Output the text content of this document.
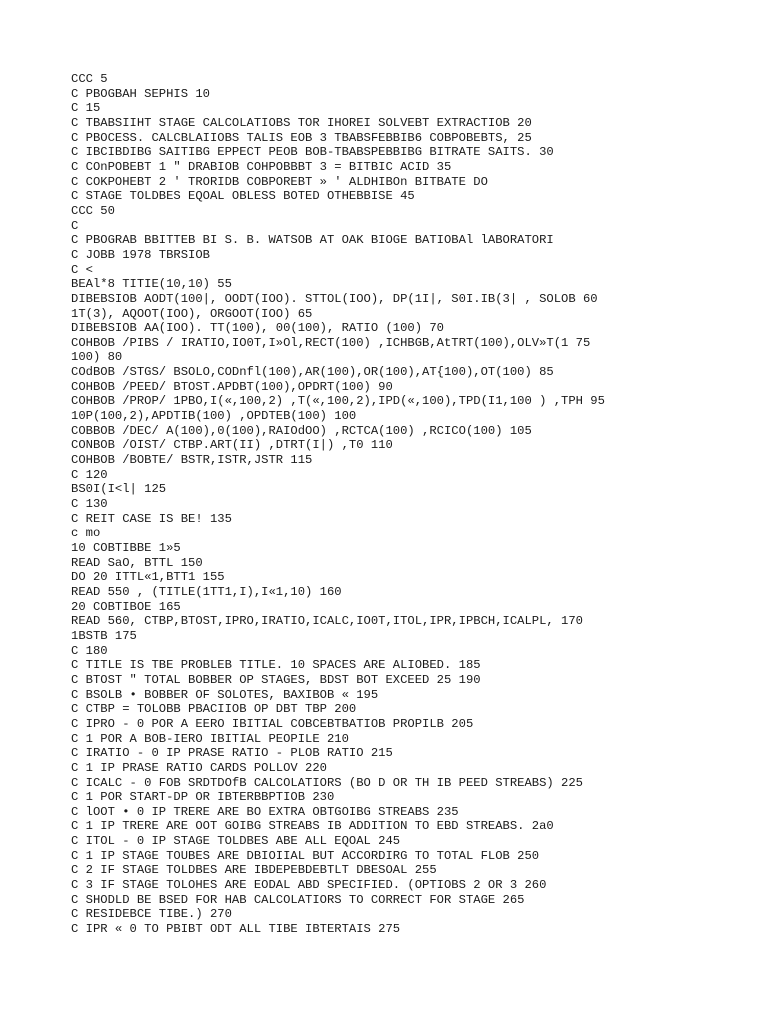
CCC 5
C PBOGBAH SEPHIS 10
C 15
C TBABSIIHT STAGE CALCOLATIOBS TOR IHOREI SOLVEBT EXTRACTIOB 20
C PBOCESS. CALCBLAIIOBS TALIS EOB 3 TBABSFEBBIB6 COBPOBEBTS, 25
C IBCIBDIBG SAITIBG EPPECT PEOB BOB-TBABSPEBBIBG BITRATE SAITS. 30
C COnPOBEBT 1 " DRABIOB COHPOBBBT 3 = BITBIC ACID 35
C COKPOHEBT 2 ' TRORIDB COBPOREBT » ' ALDHIBOn BITBATE DO
C STAGE TOLDBES EQOAL OBLESS BOTED OTHEBBISE 45
CCC 50
C
C PBOGRAB BBITTEB BI S. B. WATSOB AT OAK BIOGE BATIOBAl lABORATORI
C JOBB 1978 TBRSIOB
C <
BEAl*8 TITIE(10,10) 55
DIBEBSIOB AODT(100|, OODT(IOO). STTOL(IOO), DP(1I|, S0I.IB(3| , SOLOB 60
1T(3), AQOOT(IOO), ORGOOT(IOO) 65
DIBEBSIOB AA(IOO). TT(100), 00(100), RATIO (100) 70
COHBOB /PIBS / IRATIO,IO0T,I»Ol,RECT(100) ,ICHBGB,AtTRT(100),OLV»T(1 75
100) 80
COdBOB /STGS/ BSOLO,CODnfl(100),AR(100),OR(100),AT{100),OT(100) 85
COHBOB /PEED/ BTOST.APDBT(100),OPDRT(100) 90
COHBOB /PROP/ 1PBO,I(«,100,2) ,T(«,100,2),IPD(«,100),TPD(I1,100 ) ,TPH 95
10P(100,2),APDTIB(100) ,OPDTEB(100) 100
COBBOB /DEC/ A(100),0(100),RAIOdOO) ,RCTCA(100) ,RCICO(100) 105
CONBOB /OIST/ CTBP.ART(II) ,DTRT(I|) ,T0 110
COHBOB /BOBTE/ BSTR,ISTR,JSTR 115
C 120
BS0I(I<l| 125
C 130
C REIT CASE IS BE! 135
c mo
10 COBTIBBE 1»5
READ SaO, BTTL 150
DO 20 ITTL«1,BTT1 155
READ 550 , (TITLE(1TT1,I),I«1,10) 160
20 COBTIBOE 165
READ 560, CTBP,BTOST,IPRO,IRATIO,ICALC,IO0T,ITOL,IPR,IPBCH,ICALPL, 170
1BSTB 175
C 180
C TITLE IS TBE PROBLEB TITLE. 10 SPACES ARE ALIOBED. 185
C BTOST " TOTAL BOBBER OP STAGES, BDST BOT EXCEED 25 190
C BSOLB • BOBBER OF SOLOTES, BAXIBOB « 195
C CTBP = TOLOBB PBACIIOB OP DBT TBP 200
C IPRO - 0 POR A EERO IBITIAL COBCEBTBATIOB PROPILB 205
C 1 POR A BOB-IERO IBITIAL PEOPILE 210
C IRATIO - 0 IP PRASE RATIO - PLOB RATIO 215
C 1 IP PRASE RATIO CARDS POLLOV 220
C ICALC - 0 FOB SRDTDOfB CALCOLATIORS (BO D OR TH IB PEED STREABS) 225
C 1 POR START-DP OR IBTERBBPTIOB 230
C lOOT • 0 IP TRERE ARE BO EXTRA OBTGOIBG STREABS 235
C 1 IP TRERE ARE OOT GOIBG STREABS IB ADDITION TO EBD STREABS. 2a0
C ITOL - 0 IP STAGE TOLDBES ABE ALL EQOAL 245
C 1 IP STAGE TOUBES ARE DBIOIIAL BUT ACCORDIRG TO TOTAL FLOB 250
C 2 IF STAGE TOLDBES ARE IBDEPEBDEBTLT DBESOAL 255
C 3 IF STAGE TOLOHES ARE EODAL ABD SPECIFIED. (OPTIOBS 2 OR 3 260
C SHODLD BE BSED FOR HAB CALCOLATIORS TO CORRECT FOR STAGE 265
C RESIDEBCE TIBE.) 270
C IPR « 0 TO PBIBT ODT ALL TIBE IBTERTAIS 275
